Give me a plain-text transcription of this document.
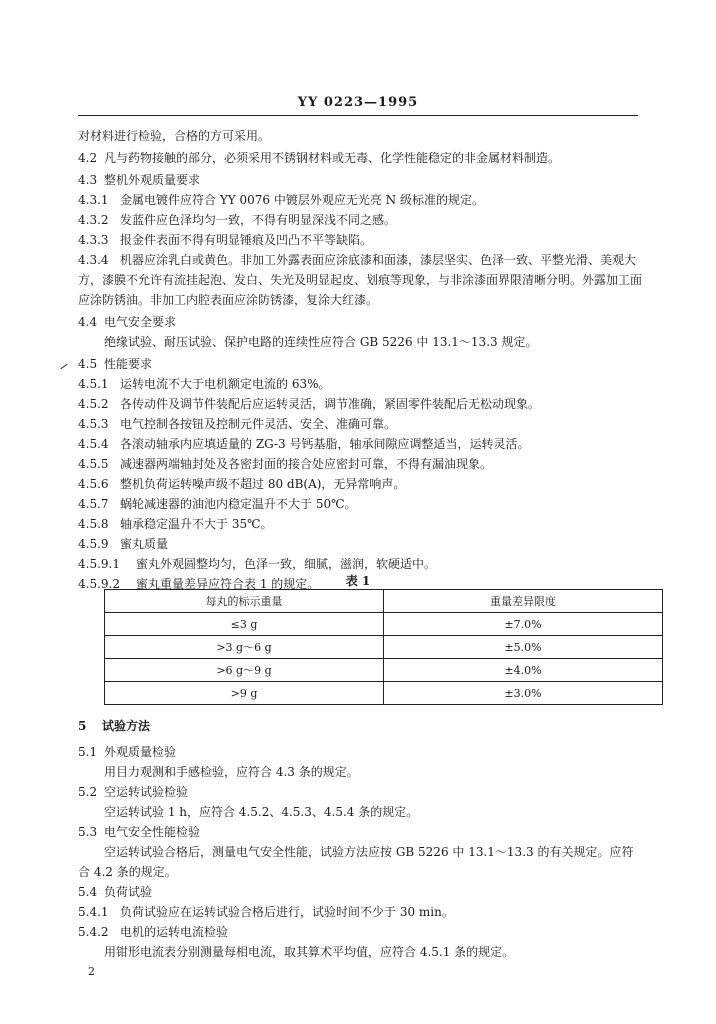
YY 0223—1995
对材料进行检验，合格的方可采用。
4.2 凡与药物接触的部分，必须采用不锈钢材料或无毒、化学性能稳定的非金属材料制造。
4.3 整机外观质量要求
4.3.1 金属电镀件应符合 YY 0076 中镀层外观应无光亮 N 级标准的规定。
4.3.2 发蓝件应色泽均匀一致，不得有明显深浅不同之感。
4.3.3 报金件表面不得有明显锤痕及凹凸不平等缺陷。
4.3.4 机器应涂乳白或黄色。非加工外露表面应涂底漆和面漆，漆层坚实、色泽一致、平整光滑、美观大
方，漆膜不允许有流挂起泡、发白、失光及明显起皮、划痕等现象，与非涂漆面界限清晰分明。外露加工面
应涂防锈油。非加工内腔表面应涂防锈漆，复涂大红漆。
4.4 电气安全要求
绝缘试验、耐压试验、保护电路的连续性应符合 GB 5226 中 13.1～13.3 规定。
4.5 性能要求
4.5.1 运转电流不大于电机额定电流的 63%。
4.5.2 各传动件及调节件装配后应运转灵活，调节准确，紧固零件装配后无松动现象。
4.5.3 电气控制各按钮及控制元件灵活、安全、准确可靠。
4.5.4 各滚动轴承内应填适量的 ZG-3 号钙基脂，轴承间隙应调整适当，运转灵活。
4.5.5 减速器两端轴封处及各密封面的接合处应密封可靠，不得有漏油现象。
4.5.6 整机负荷运转噪声级不超过 80 dB(A)，无异常响声。
4.5.7 蜗轮减速器的油池内稳定温升不大于 50℃。
4.5.8 轴承稳定温升不大于 35℃。
4.5.9 蜜丸质量
4.5.9.1 蜜丸外观圆整均匀，色泽一致，细腻，滋润，软硬适中。
4.5.9.2 蜜丸重量差异应符合表 1 的规定。	表 1
每丸的标示重量	重量差异限度
≤3 g	±7.0%
>3 g～6 g	±5.0%
>6 g～9 g	±4.0%
>9 g	±3.0%
5 试验方法
5.1 外观质量检验
用目力观测和手感检验，应符合 4.3 条的规定。
5.2 空运转试验检验
空运转试验 1 h，应符合 4.5.2、4.5.3、4.5.4 条的规定。
5.3 电气安全性能检验
空运转试验合格后，测量电气安全性能，试验方法应按 GB 5226 中 13.1～13.3 的有关规定。应符
合 4.2 条的规定。
5.4 负荷试验
5.4.1 负荷试验应在运转试验合格后进行，试验时间不少于 30 min。
5.4.2 电机的运转电流检验
用钳形电流表分别测量每相电流，取其算术平均值，应符合 4.5.1 条的规定。
2
